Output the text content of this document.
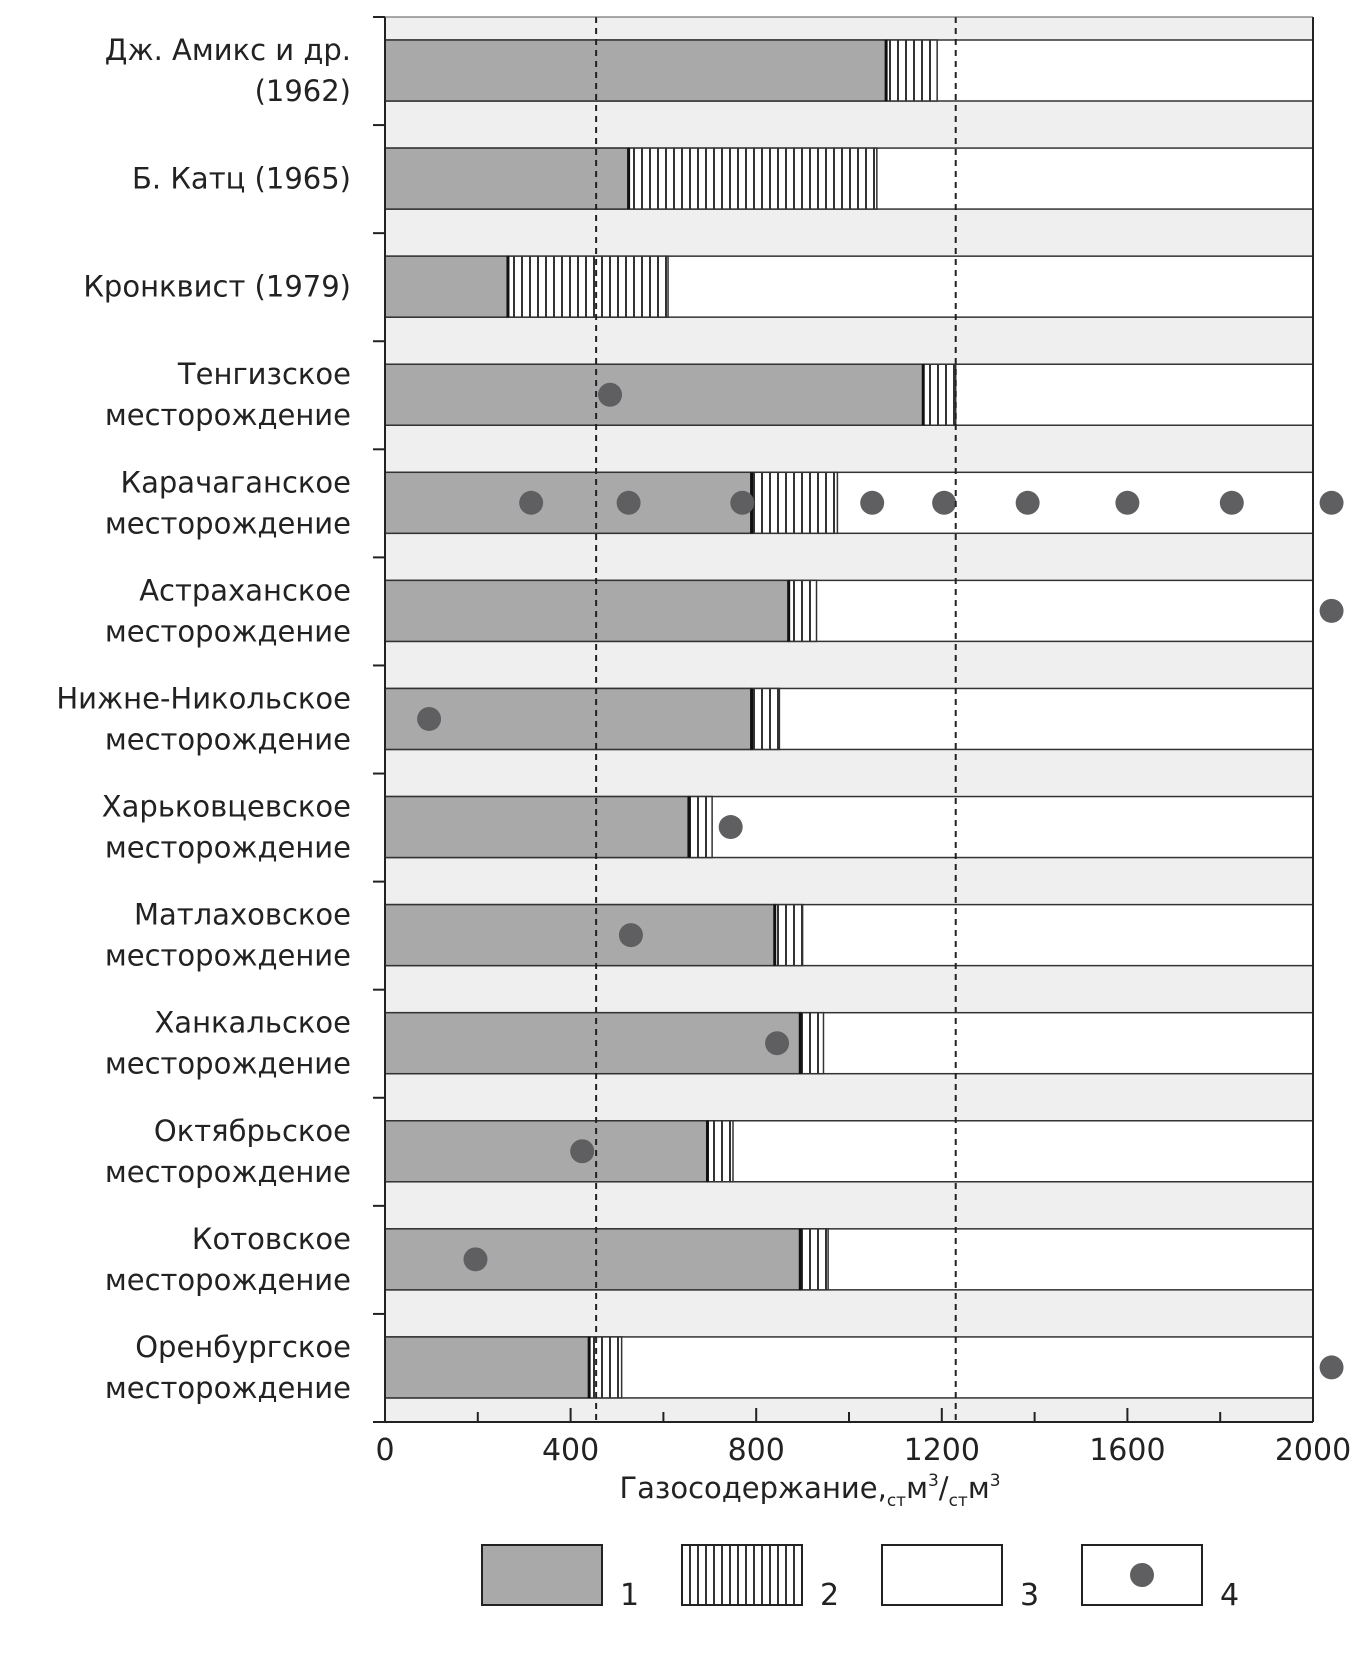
Дж. Амикс и др.
(1962)
Б. Катц (1965)
Кронквист (1979)
Тенгизское
месторождение
Карачаганское
месторождение
Астраханское
месторождение
Нижне-Никольское
месторождение
Харьковцевское
месторождение
Матлаховское
месторождение
Ханкальское
месторождение
Октябрьское
месторождение
Котовское
месторождение
Оренбургское
месторождение
0	400	800	1200	1600	2000
$Газосодержание,_{ст}м^3/_{ст}м^3$
1	2	3	4
